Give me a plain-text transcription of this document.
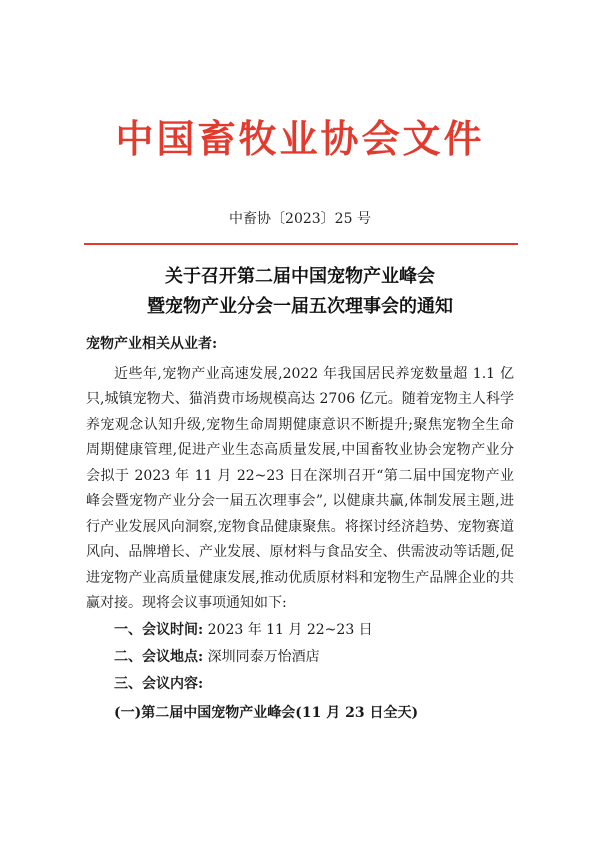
中国畜牧业协会文件
中畜协〔2023〕25 号
关于召开第二届中国宠物产业峰会
暨宠物产业分会一届五次理事会的通知

宠物产业相关从业者:

近些年,宠物产业高速发展,2022 年我国居民养宠数量超 1.1 亿只,城镇宠物犬、猫消费市场规模高达 2706 亿元。随着宠物主人科学养宠观念认知升级,宠物生命周期健康意识不断提升;聚焦宠物全生命周期健康管理,促进产业生态高质量发展,中国畜牧业协会宠物产业分会拟于 2023 年 11 月 22~23 日在深圳召开“第二届中国宠物产业峰会暨宠物产业分会一届五次理事会”, 以健康共赢,体制发展主题,进行产业发展风向洞察,宠物食品健康聚焦。将探讨经济趋势、宠物赛道风向、品牌增长、产业发展、原材料与食品安全、供需波动等话题,促进宠物产业高质量健康发展,推动优质原材料和宠物生产品牌企业的共赢对接。现将会议事项通知如下:

一、会议时间: 2023 年 11 月 22~23 日

二、会议地点: 深圳同泰万怡酒店

三、会议内容:

(一)第二届中国宠物产业峰会(11 月 23 日全天)
